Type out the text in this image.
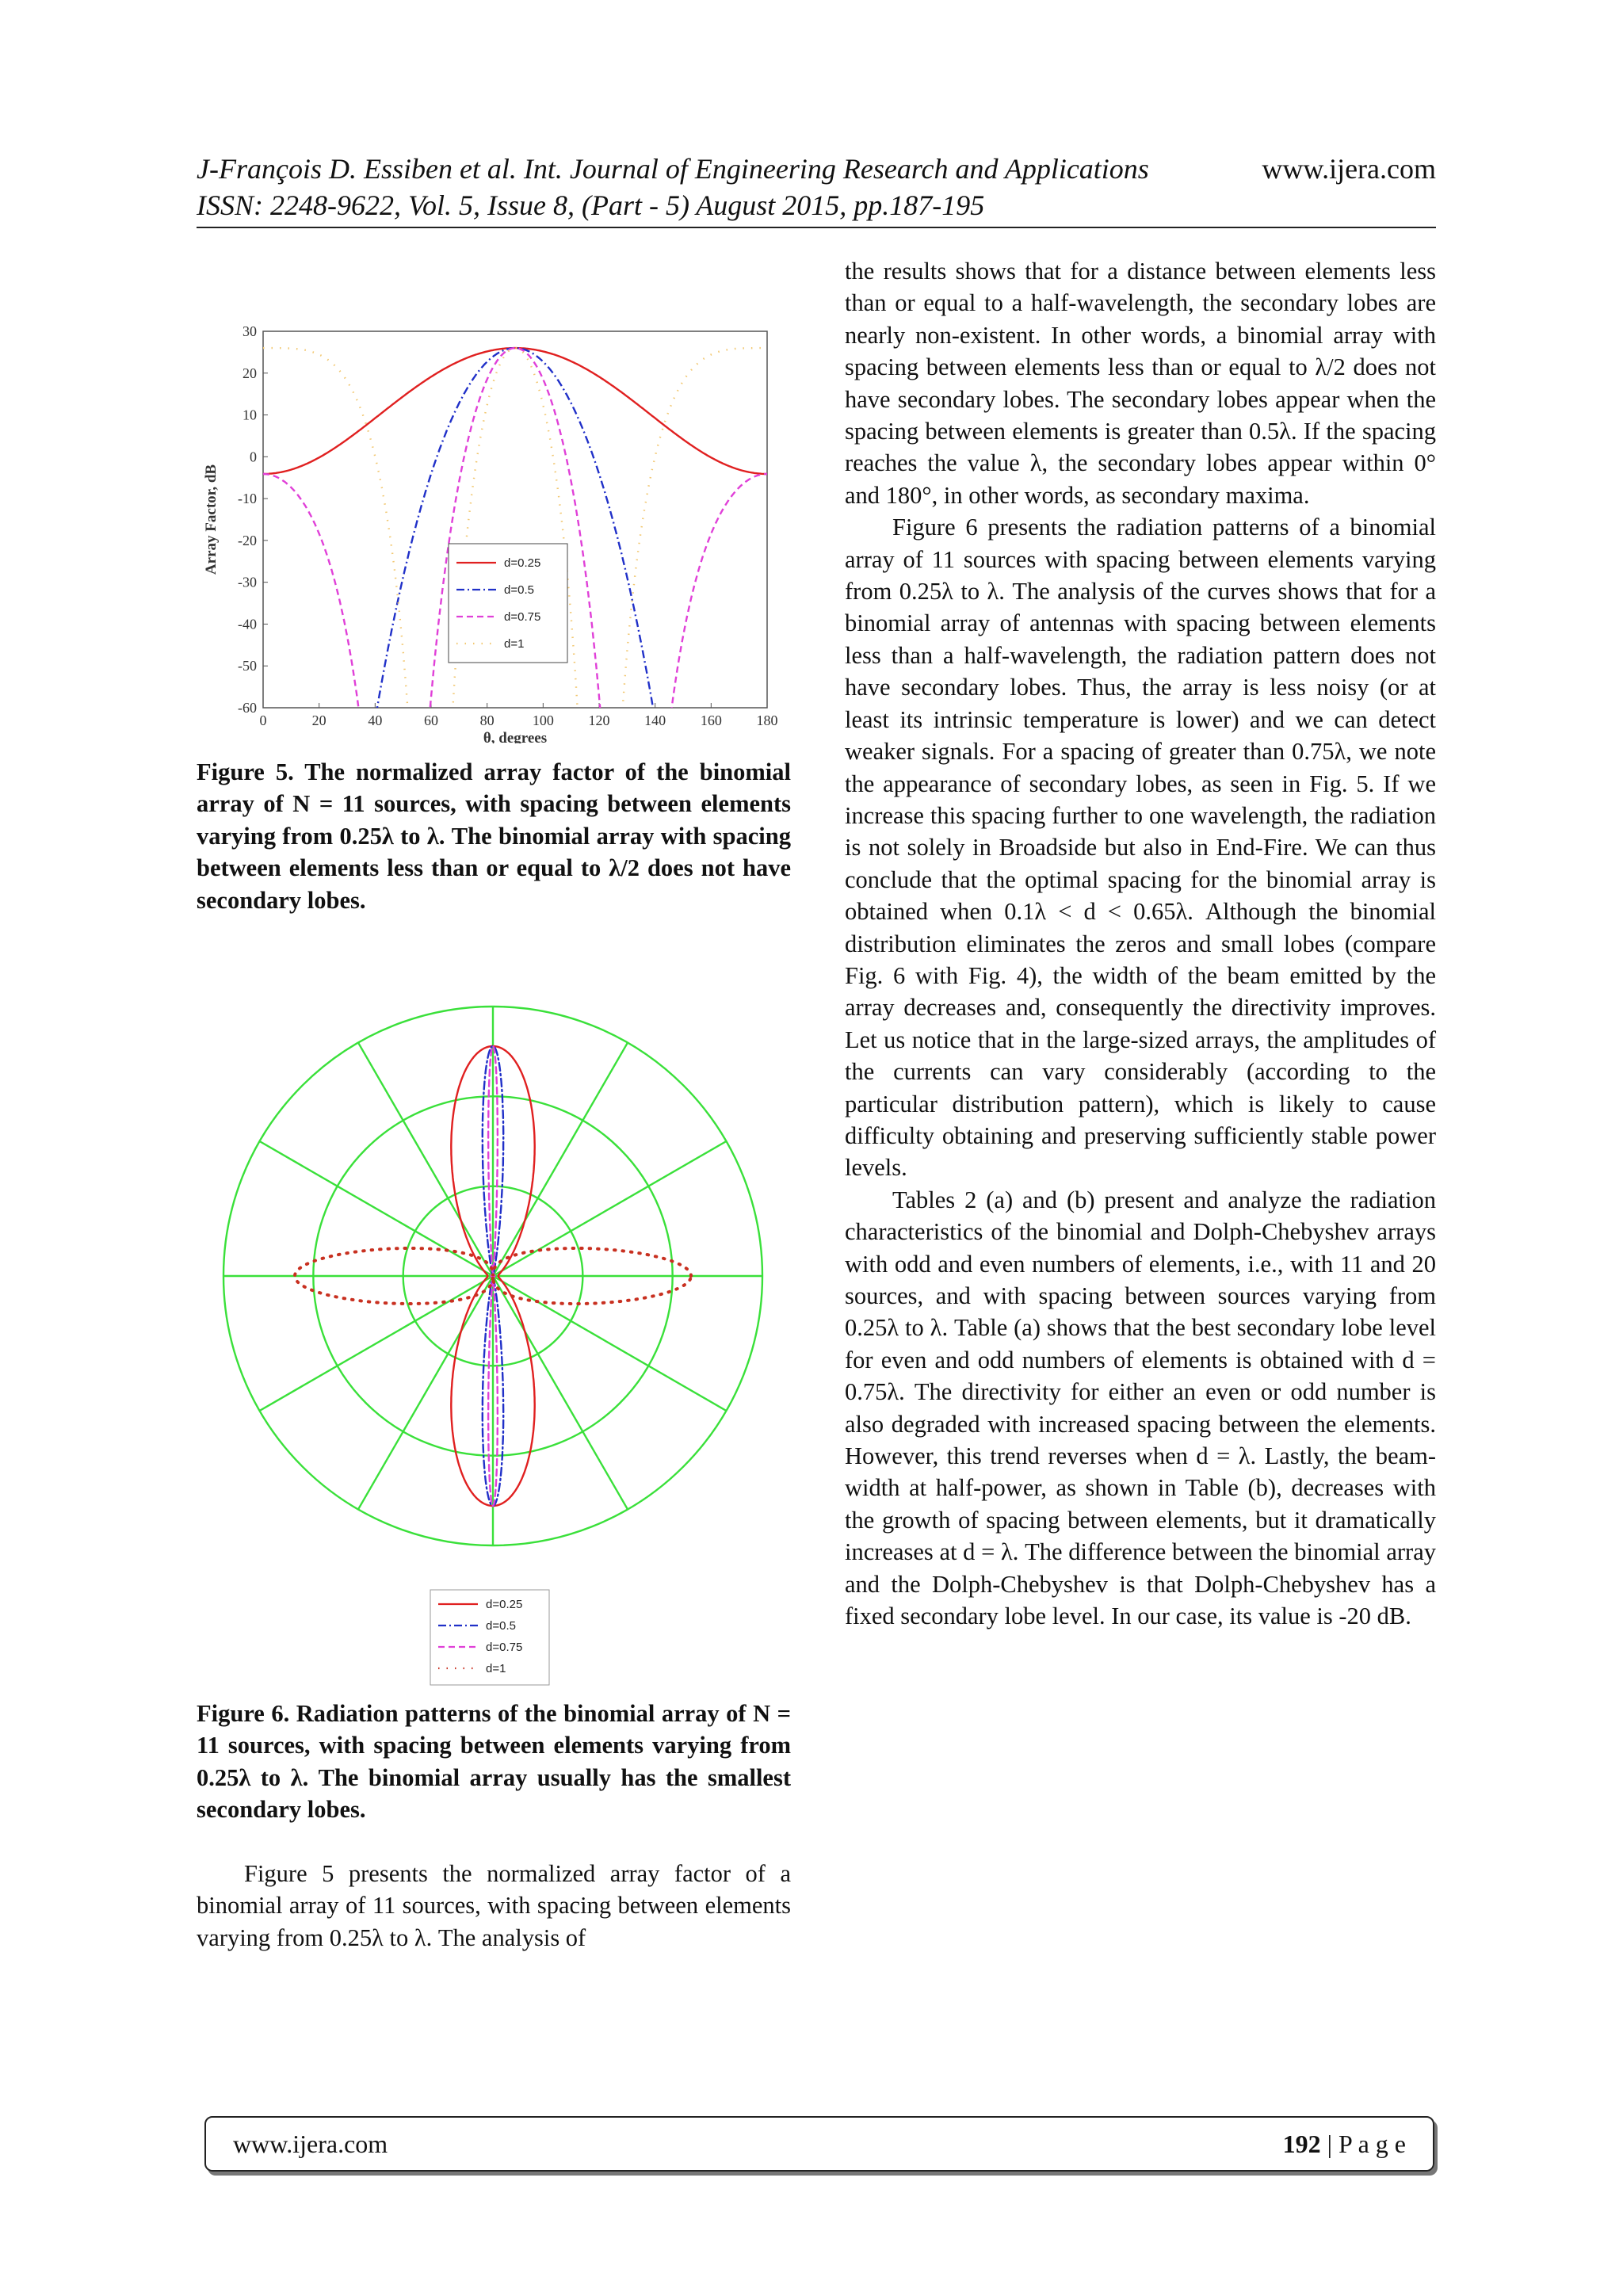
J-François D. Essiben et al. Int. Journal of Engineering Research and Applications	www.ijera.com
ISSN: 2248-9622, Vol. 5, Issue 8, (Part - 5) August 2015, pp.187-195
0	20	40	60	80	100 120 140 160 180
30
20
10
0
-10
-20
-30
-40
-50
-60
θ, degrees
Array Factor, dB	d=0.25
d=0.5
d=0.75
d=1

Figure 5. The normalized array factor of the binomial array of N = 11 sources, with spacing between elements varying from 0.25λ to λ. The binomial array with spacing between elements less than or equal to λ/2 does not have secondary lobes.

d=0.25
d=0.5
d=0.75
d=1

Figure 6. Radiation patterns of the binomial array of N = 11 sources, with spacing between elements varying from 0.25λ to λ. The binomial array usually has the smallest secondary lobes.

Figure 5 presents the normalized array factor of a binomial array of 11 sources, with spacing between elements varying from 0.25λ to λ. The analysis of

the results shows that for a distance between elements less than or equal to a half-wavelength, the secondary lobes are nearly non-existent. In other words, a binomial array with spacing between elements less than or equal to λ/2 does not have secondary lobes. The secondary lobes appear when the spacing between elements is greater than 0.5λ. If the spacing reaches the value λ, the secondary lobes appear within 0° and 180°, in other words, as secondary maxima.

Figure 6 presents the radiation patterns of a binomial array of 11 sources with spacing between elements varying from 0.25λ to λ. The analysis of the curves shows that for a binomial array of antennas with spacing between elements less than a half-wavelength, the radiation pattern does not have secondary lobes. Thus, the array is less noisy (or at least its intrinsic temperature is lower) and we can detect weaker signals. For a spacing of greater than 0.75λ, we note the appearance of secondary lobes, as seen in Fig. 5. If we increase this spacing further to one wavelength, the radiation is not solely in Broadside but also in End-Fire. We can thus conclude that the optimal spacing for the binomial array is obtained when 0.1λ < d < 0.65λ. Although the binomial distribution eliminates the zeros and small lobes (compare Fig. 6 with Fig. 4), the width of the beam emitted by the array decreases and, consequently the directivity improves. Let us notice that in the large-sized arrays, the amplitudes of the currents can vary considerably (according to the particular distribution pattern), which is likely to cause difficulty obtaining and preserving sufficiently stable power levels.

Tables 2 (a) and (b) present and analyze the radiation characteristics of the binomial and Dolph-Chebyshev arrays with odd and even numbers of elements, i.e., with 11 and 20 sources, and with spacing between sources varying from 0.25λ to λ. Table (a) shows that the best secondary lobe level for even and odd numbers of elements is obtained with d = 0.75λ. The directivity for either an even or odd number is also degraded with increased spacing between the elements. However, this trend reverses when d = λ. Lastly, the beam-width at half-power, as shown in Table (b), decreases with the growth of spacing between elements, but it dramatically increases at d = λ. The difference between the binomial array and the Dolph-Chebyshev is that Dolph-Chebyshev has a fixed secondary lobe level. In our case, its value is -20 dB.

www.ijera.com	192 | P a g e
